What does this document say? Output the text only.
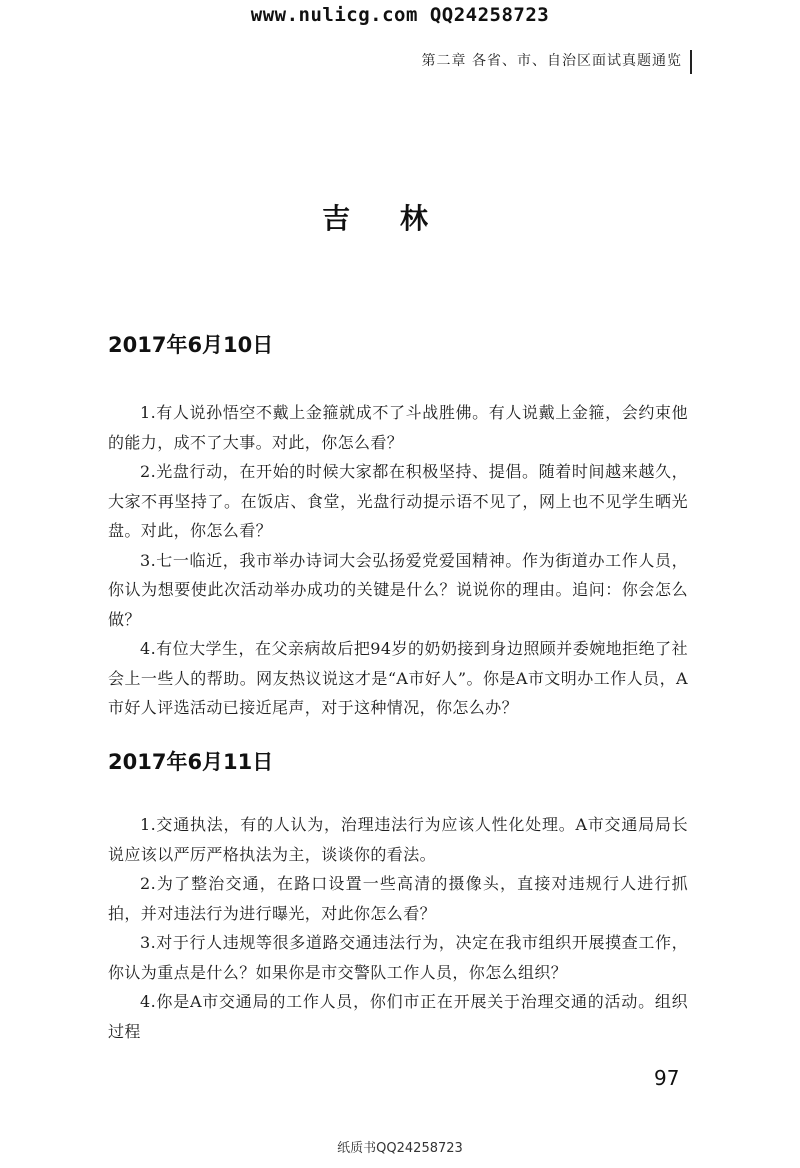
www.nulicg.com QQ24258723
第二章 各省、市、自治区面试真题通览
吉 林
2017年6月10日
1.有人说孙悟空不戴上金箍就成不了斗战胜佛。有人说戴上金箍，会约束他的能力，成不了大事。对此，你怎么看？
2.光盘行动，在开始的时候大家都在积极坚持、提倡。随着时间越来越久，大家不再坚持了。在饭店、食堂，光盘行动提示语不见了，网上也不见学生晒光盘。对此，你怎么看？
3.七一临近，我市举办诗词大会弘扬爱党爱国精神。作为街道办工作人员，你认为想要使此次活动举办成功的关键是什么？说说你的理由。追问：你会怎么做？
4.有位大学生，在父亲病故后把94岁的奶奶接到身边照顾并委婉地拒绝了社会上一些人的帮助。网友热议说这才是“A市好人”。你是A市文明办工作人员，A市好人评选活动已接近尾声，对于这种情况，你怎么办？
2017年6月11日
1.交通执法，有的人认为，治理违法行为应该人性化处理。A市交通局局长说应该以严厉严格执法为主，谈谈你的看法。
2.为了整治交通，在路口设置一些高清的摄像头，直接对违规行人进行抓拍，并对违法行为进行曝光，对此你怎么看？
3.对于行人违规等很多道路交通违法行为，决定在我市组织开展摸查工作，你认为重点是什么？如果你是市交警队工作人员，你怎么组织？
4.你是A市交通局的工作人员，你们市正在开展关于治理交通的活动。组织过程
97
纸质书QQ24258723
